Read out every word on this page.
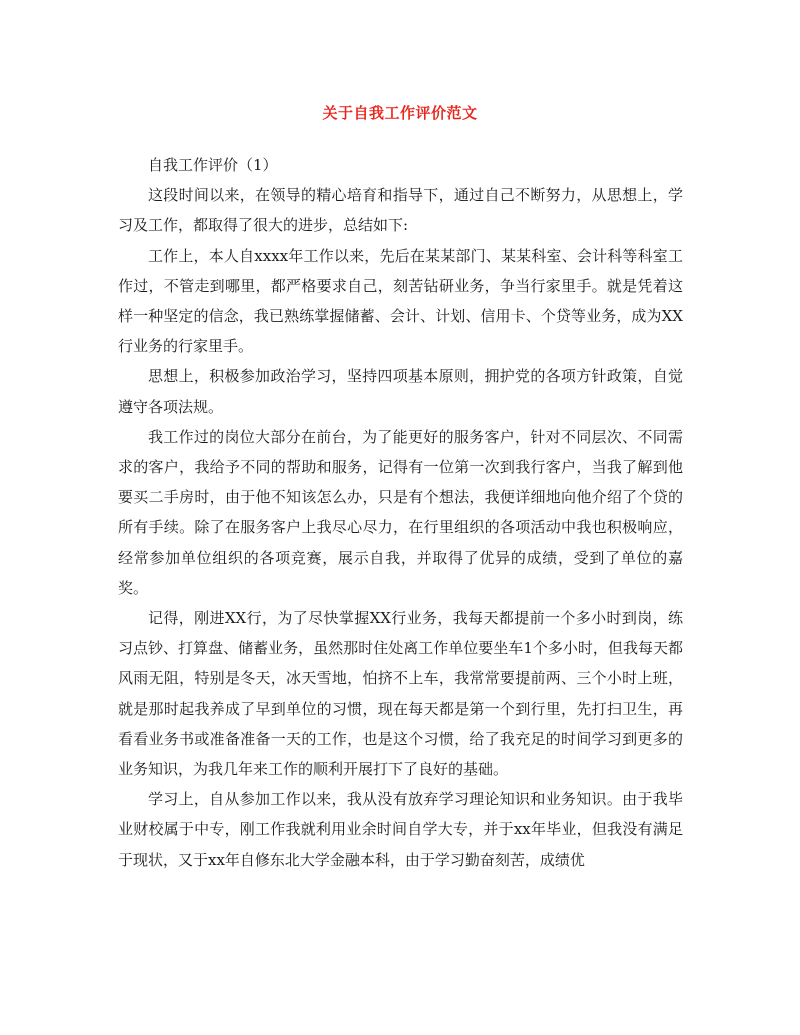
关于自我工作评价范文

自我工作评价（1）

这段时间以来，在领导的精心培育和指导下，通过自己不断努力，从思想上，学习及工作，都取得了很大的进步，总结如下:

工作上，本人自xxxx年工作以来，先后在某某部门、某某科室、会计科等科室工作过，不管走到哪里，都严格要求自己，刻苦钻研业务，争当行家里手。就是凭着这样一种坚定的信念，我已熟练掌握储蓄、会计、计划、信用卡、个贷等业务，成为XX行业务的行家里手。

思想上，积极参加政治学习，坚持四项基本原则，拥护党的各项方针政策，自觉遵守各项法规。

我工作过的岗位大部分在前台，为了能更好的服务客户，针对不同层次、不同需求的客户，我给予不同的帮助和服务，记得有一位第一次到我行客户，当我了解到他要买二手房时，由于他不知该怎么办，只是有个想法，我便详细地向他介绍了个贷的所有手续。除了在服务客户上我尽心尽力，在行里组织的各项活动中我也积极响应，经常参加单位组织的各项竞赛，展示自我，并取得了优异的成绩，受到了单位的嘉奖。

记得，刚进XX行，为了尽快掌握XX行业务，我每天都提前一个多小时到岗，练习点钞、打算盘、储蓄业务，虽然那时住处离工作单位要坐车1个多小时，但我每天都风雨无阻，特别是冬天，冰天雪地，怕挤不上车，我常常要提前两、三个小时上班，就是那时起我养成了早到单位的习惯，现在每天都是第一个到行里，先打扫卫生，再看看业务书或准备准备一天的工作，也是这个习惯，给了我充足的时间学习到更多的业务知识，为我几年来工作的顺利开展打下了良好的基础。

学习上，自从参加工作以来，我从没有放弃学习理论知识和业务知识。由于我毕业财校属于中专，刚工作我就利用业余时间自学大专，并于xx年毕业，但我没有满足于现状，又于xx年自修东北大学金融本科，由于学习勤奋刻苦，成绩优
